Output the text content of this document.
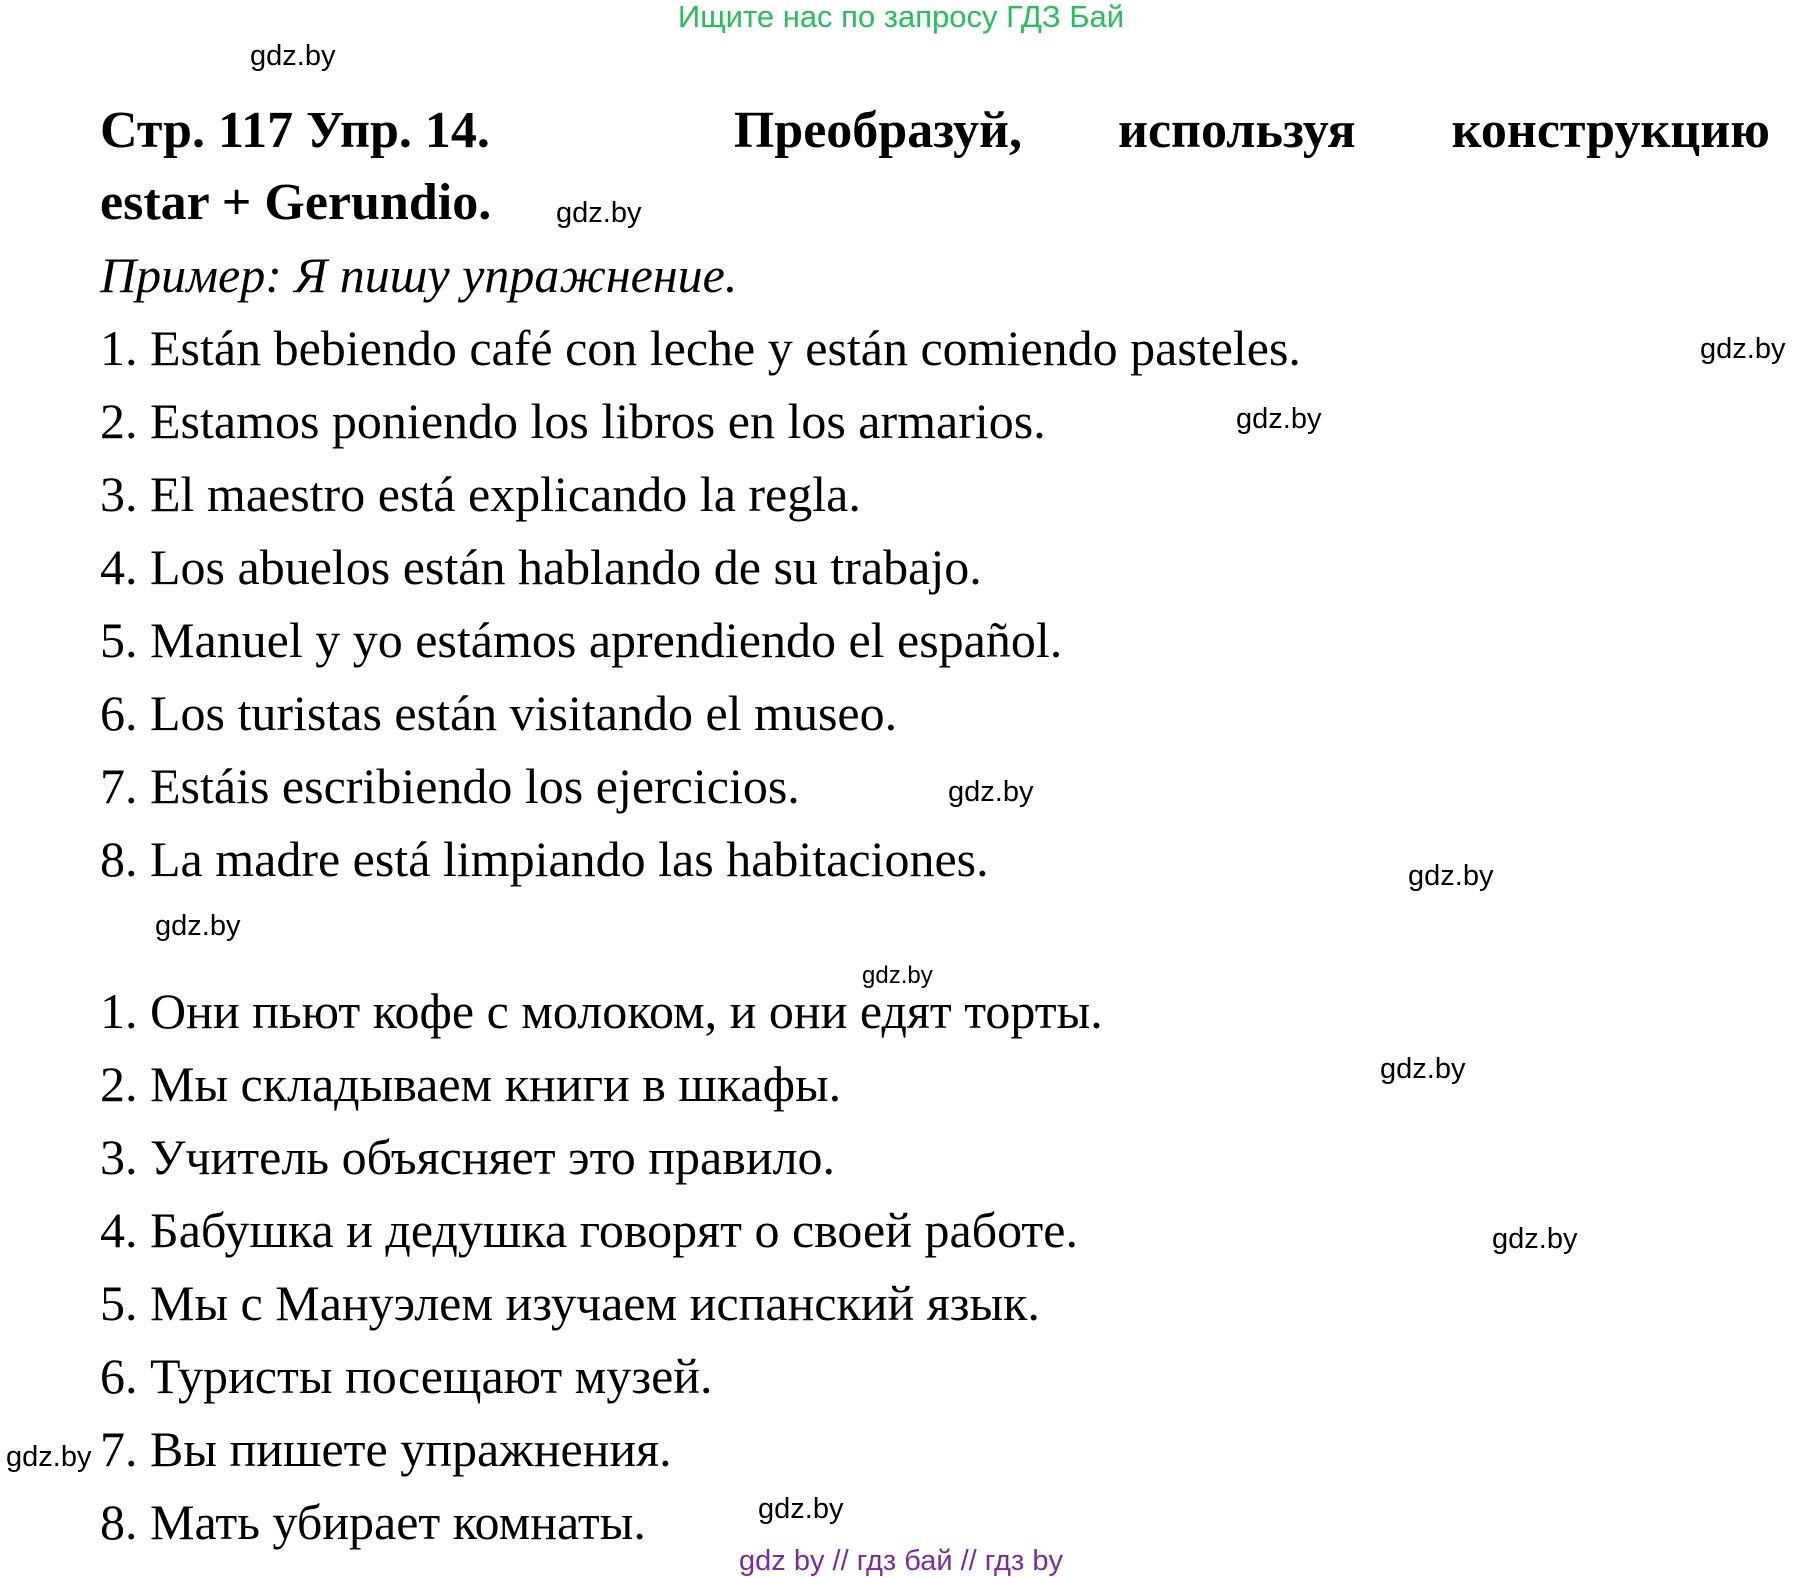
Ищите нас по запросу ГДЗ Бай
gdz.by
Стр. 117 Упр. 14.	Преобразуй, используя конструкцию
estar + Gerundio.	gdz.by
Пример: Я пишу упражнение.
1. Están bebiendo café con leche y están comiendo pasteles.
2. Estamos poniendo los libros en los armarios.
3. El maestro está explicando la regla.
4. Los abuelos están hablando de su trabajo.
5. Manuel y yo estámos aprendiendo el español.
6. Los turistas están visitando el museo.
7. Estáis escribiendo los ejercicios.
8. La madre está limpiando las habitaciones.
gdz.by
gdz.by
gdz.by
gdz.by
gdz.by
gdz.by
1. Они пьют кофе с молоком, и они едят торты.
2. Мы складываем книги в шкафы.
3. Учитель объясняет это правило.
4. Бабушка и дедушка говорят о своей работе.
5. Мы с Мануэлем изучаем испанский язык.
6. Туристы посещают музей.
7. Вы пишете упражнения.
8. Мать убирает комнаты.
gdz.by
gdz.by
gdz.by
gdz.by
gdz by // гдз бай // гдз by
